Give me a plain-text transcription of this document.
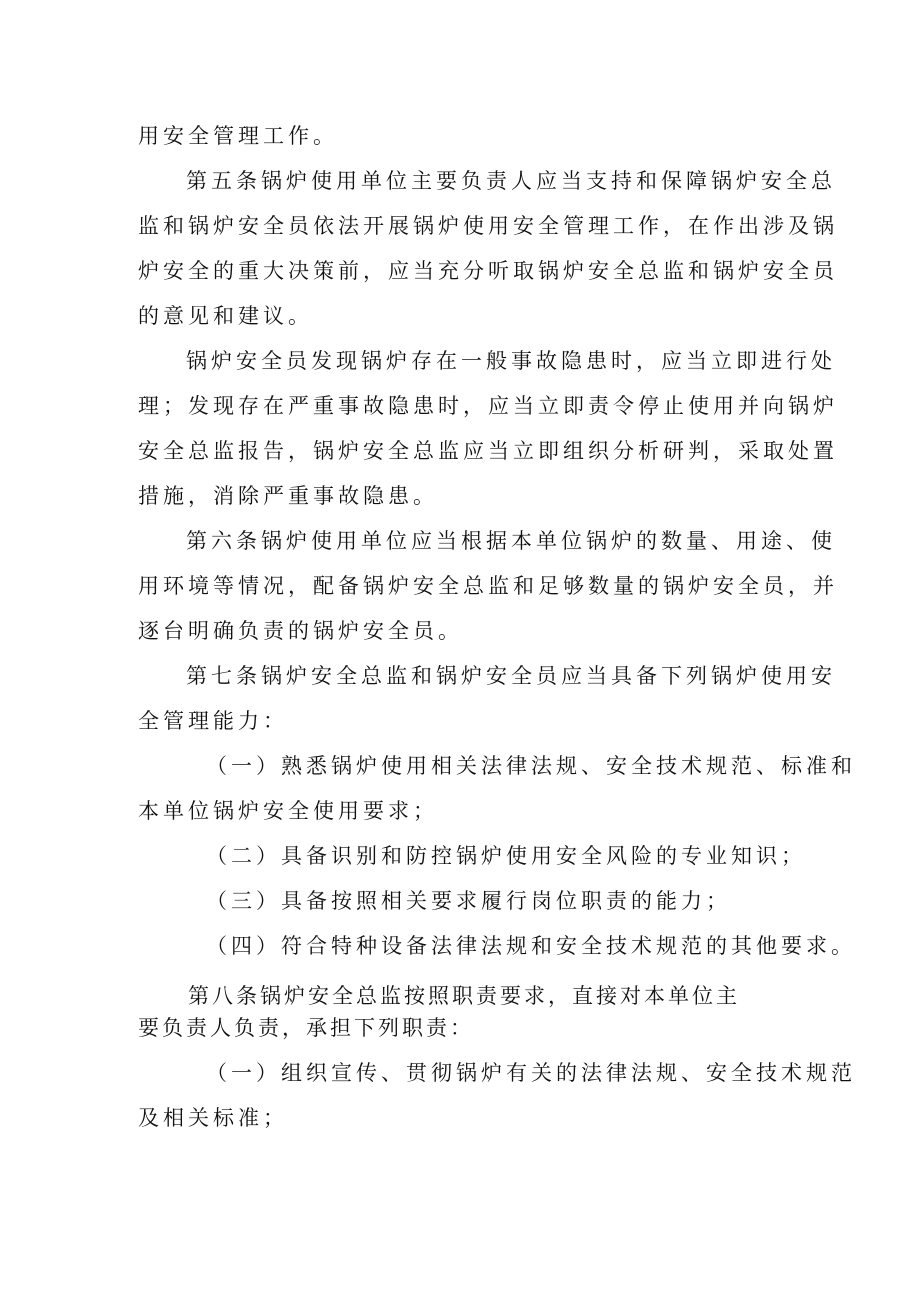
用安全管理工作。
第五条锅炉使用单位主要负责人应当支持和保障锅炉安全总
监和锅炉安全员依法开展锅炉使用安全管理工作，在作出涉及锅
炉安全的重大决策前，应当充分听取锅炉安全总监和锅炉安全员
的意见和建议。
锅炉安全员发现锅炉存在一般事故隐患时，应当立即进行处
理；发现存在严重事故隐患时，应当立即责令停止使用并向锅炉
安全总监报告，锅炉安全总监应当立即组织分析研判，采取处置
措施，消除严重事故隐患。
第六条锅炉使用单位应当根据本单位锅炉的数量、用途、使
用环境等情况，配备锅炉安全总监和足够数量的锅炉安全员，并
逐台明确负责的锅炉安全员。
第七条锅炉安全总监和锅炉安全员应当具备下列锅炉使用安
全管理能力：
（一）熟悉锅炉使用相关法律法规、安全技术规范、标准和
本单位锅炉安全使用要求；
（二）具备识别和防控锅炉使用安全风险的专业知识；
（三）具备按照相关要求履行岗位职责的能力；
（四）符合特种设备法律法规和安全技术规范的其他要求。
第八条锅炉安全总监按照职责要求，直接对本单位主
要负责人负责，承担下列职责：
（一）组织宣传、贯彻锅炉有关的法律法规、安全技术规范
及相关标准；
